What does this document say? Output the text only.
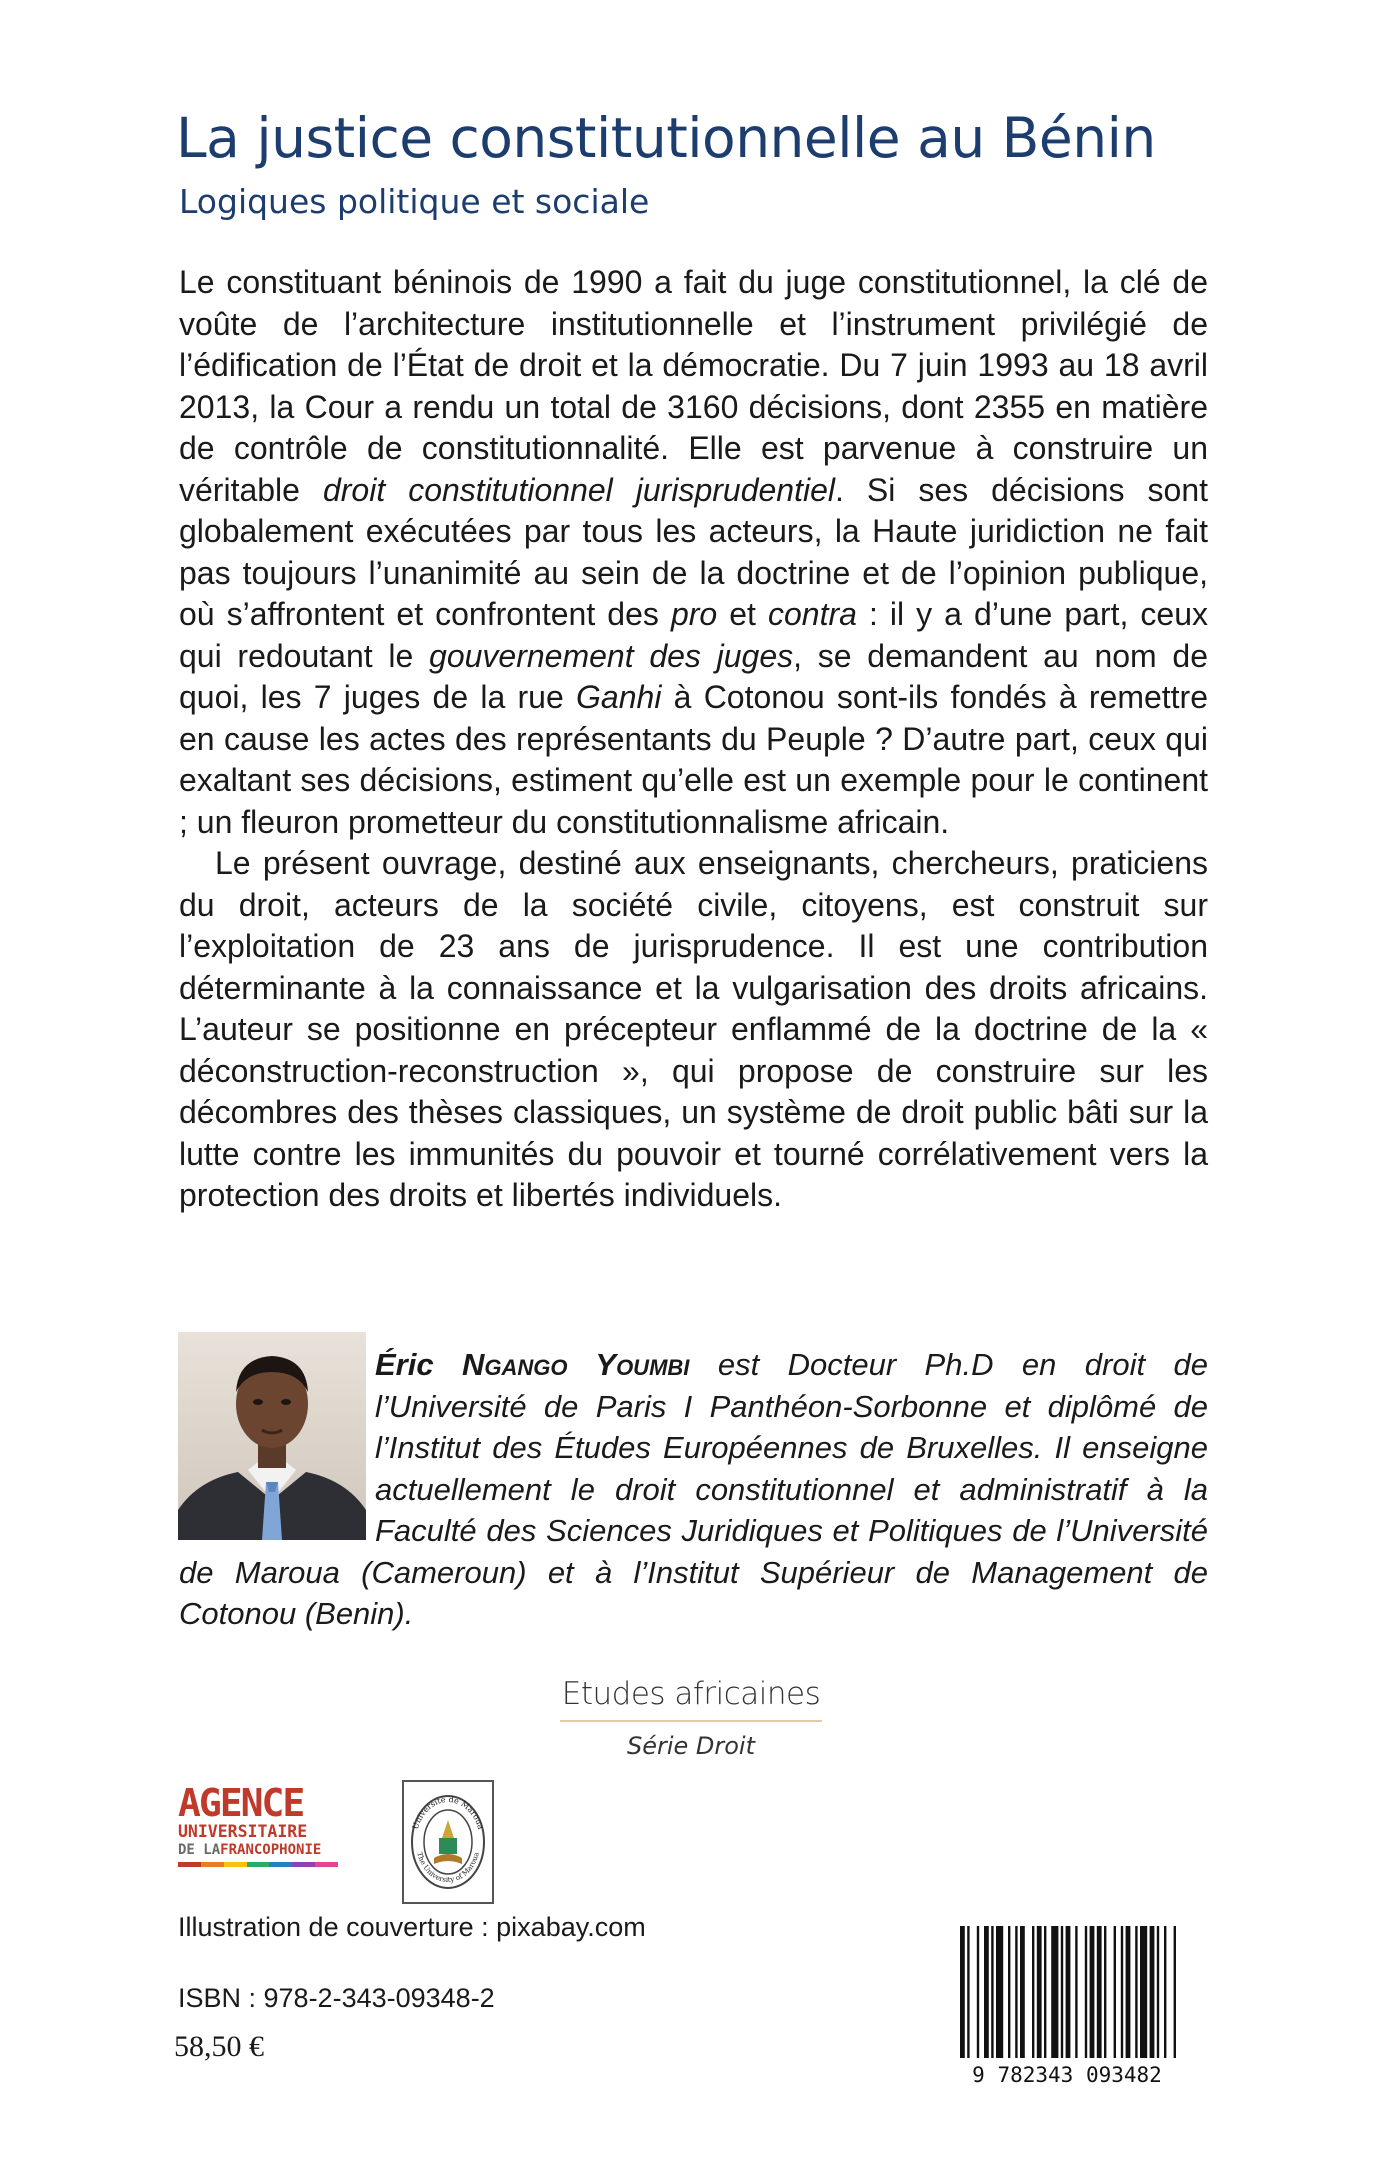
La justice constitutionnelle au Bénin
Logiques politique et sociale

Le constituant béninois de 1990 a fait du juge constitutionnel, la clé de voûte de l’architecture institutionnelle et l’instrument privilégié de l’édification de l’État de droit et la démocratie. Du 7 juin 1993 au 18 avril 2013, la Cour a rendu un total de 3160 décisions, dont 2355 en matière de contrôle de constitutionnalité. Elle est parvenue à construire un véritable droit constitutionnel jurisprudentiel. Si ses décisions sont globalement exécutées par tous les acteurs, la Haute juridiction ne fait pas toujours l’unanimité au sein de la doctrine et de l’opinion publique, où s’affrontent et confrontent des pro et contra : il y a d’une part, ceux qui redoutant le gouvernement des juges, se demandent au nom de quoi, les 7 juges de la rue Ganhi à Cotonou sont-ils fondés à remettre en cause les actes des représentants du Peuple ? D’autre part, ceux qui exaltant ses décisions, estiment qu’elle est un exemple pour le continent ; un fleuron prometteur du constitutionnalisme africain.

Le présent ouvrage, destiné aux enseignants, chercheurs, praticiens du droit, acteurs de la société civile, citoyens, est construit sur l’exploitation de 23 ans de jurisprudence. Il est une contribution déterminante à la connaissance et la vulgarisation des droits africains. L’auteur se positionne en précepteur enflammé de la doctrine de la « déconstruction-reconstruction », qui propose de construire sur les décombres des thèses classiques, un système de droit public bâti sur la lutte contre les immunités du pouvoir et tourné corrélativement vers la protection des droits et libertés individuels.

Éric Ngango Youmbi est Docteur Ph.D en droit de l’Université de Paris I Panthéon-Sorbonne et diplômé de l’Institut des Études Européennes de Bruxelles. Il enseigne actuellement le droit constitutionnel et administratif à la Faculté des Sciences Juridiques et Politiques de l’Université de Maroua (Cameroun) et à l’Institut Supérieur de Management de Cotonou (Benin).

Etudes africaines
Série Droit
AGENCE
UNIVERSITAIRE
DE LAFRANCOPHONIE
Université de Maroua
The University of Maroua
Illustration de couverture : pixabay.com
ISBN : 978-2-343-09348-2
58,50 €
9 782343 093482
